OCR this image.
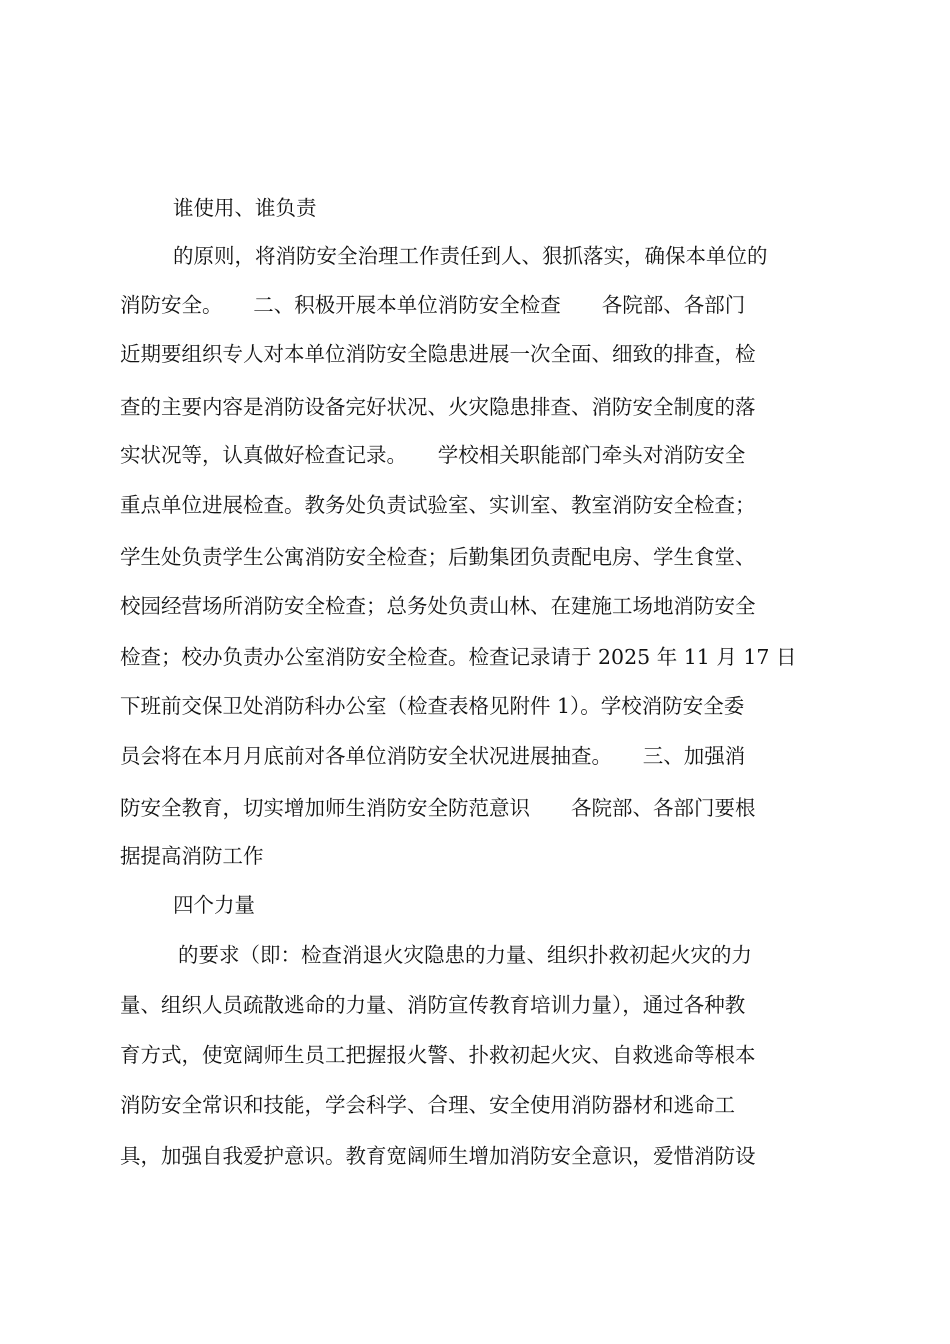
谁使用、谁负责

的原则，将消防安全治理工作责任到人、狠抓落实，确保本单位的

消防安全。　　二、积极开展本单位消防安全检查　　各院部、各部门

近期要组织专人对本单位消防安全隐患进展一次全面、细致的排查，检

查的主要内容是消防设备完好状况、火灾隐患排查、消防安全制度的落

实状况等，认真做好检查记录。　　学校相关职能部门牵头对消防安全

重点单位进展检查。教务处负责试验室、实训室、教室消防安全检查；

学生处负责学生公寓消防安全检查；后勤集团负责配电房、学生食堂、

校园经营场所消防安全检查；总务处负责山林、在建施工场地消防安全

检查；校办负责办公室消防安全检查。检查记录请于 2025 年 11 月 17 日

下班前交保卫处消防科办公室（检查表格见附件 1）。学校消防安全委

员会将在本月月底前对各单位消防安全状况进展抽查。　　三、加强消

防安全教育，切实增加师生消防安全防范意识　　各院部、各部门要根

据提高消防工作

四个力量

的要求（即：检查消退火灾隐患的力量、组织扑救初起火灾的力

量、组织人员疏散逃命的力量、消防宣传教育培训力量），通过各种教

育方式，使宽阔师生员工把握报火警、扑救初起火灾、自救逃命等根本

消防安全常识和技能，学会科学、合理、安全使用消防器材和逃命工

具，加强自我爱护意识。教育宽阔师生增加消防安全意识，爱惜消防设
